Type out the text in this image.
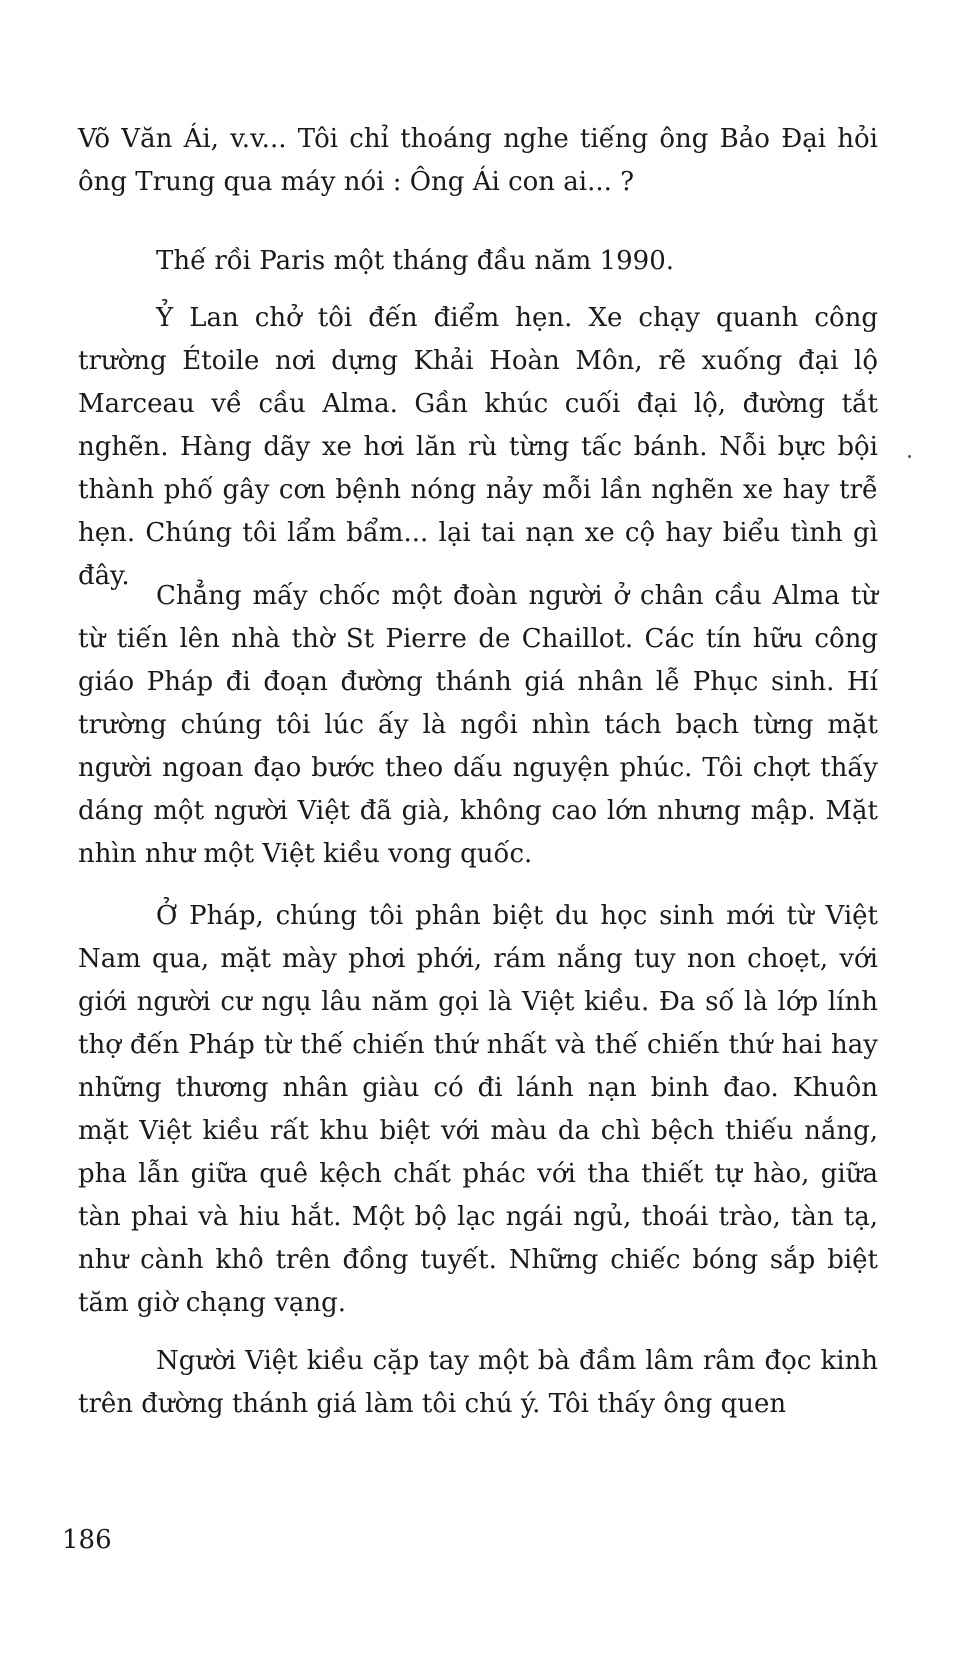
Võ Văn Ái, v.v... Tôi chỉ thoáng nghe tiếng ông Bảo Đại hỏi ông Trung qua máy nói : Ông Ái con ai... ?

Thế rồi Paris một tháng đầu năm 1990.

Ỷ Lan chở tôi đến điểm hẹn. Xe chạy quanh công trường Étoile nơi dựng Khải Hoàn Môn, rẽ xuống đại lộ Marceau về cầu Alma. Gần khúc cuối đại lộ, đường tắt nghẽn. Hàng dãy xe hơi lăn rù từng tấc bánh. Nỗi bực bội thành phố gây cơn bệnh nóng nảy mỗi lần nghẽn xe hay trễ hẹn. Chúng tôi lẩm bẩm... lại tai nạn xe cộ hay biểu tình gì đây.

Chẳng mấy chốc một đoàn người ở chân cầu Alma từ từ tiến lên nhà thờ St Pierre de Chaillot. Các tín hữu công giáo Pháp đi đoạn đường thánh giá nhân lễ Phục sinh. Hí trường chúng tôi lúc ấy là ngồi nhìn tách bạch từng mặt người ngoan đạo bước theo dấu nguyện phúc. Tôi chợt thấy dáng một người Việt đã già, không cao lớn nhưng mập. Mặt nhìn như một Việt kiều vong quốc.

Ở Pháp, chúng tôi phân biệt du học sinh mới từ Việt Nam qua, mặt mày phơi phới, rám nắng tuy non choẹt, với giới người cư ngụ lâu năm gọi là Việt kiều. Đa số là lớp lính thợ đến Pháp từ thế chiến thứ nhất và thế chiến thứ hai hay những thương nhân giàu có đi lánh nạn binh đao. Khuôn mặt Việt kiều rất khu biệt với màu da chì bệch thiếu nắng, pha lẫn giữa quê kệch chất phác với tha thiết tự hào, giữa tàn phai và hiu hắt. Một bộ lạc ngái ngủ, thoái trào, tàn tạ, như cành khô trên đồng tuyết. Những chiếc bóng sắp biệt tăm giờ chạng vạng.

Người Việt kiều cặp tay một bà đầm lâm râm đọc kinh trên đường thánh giá làm tôi chú ý. Tôi thấy ông quen

186
